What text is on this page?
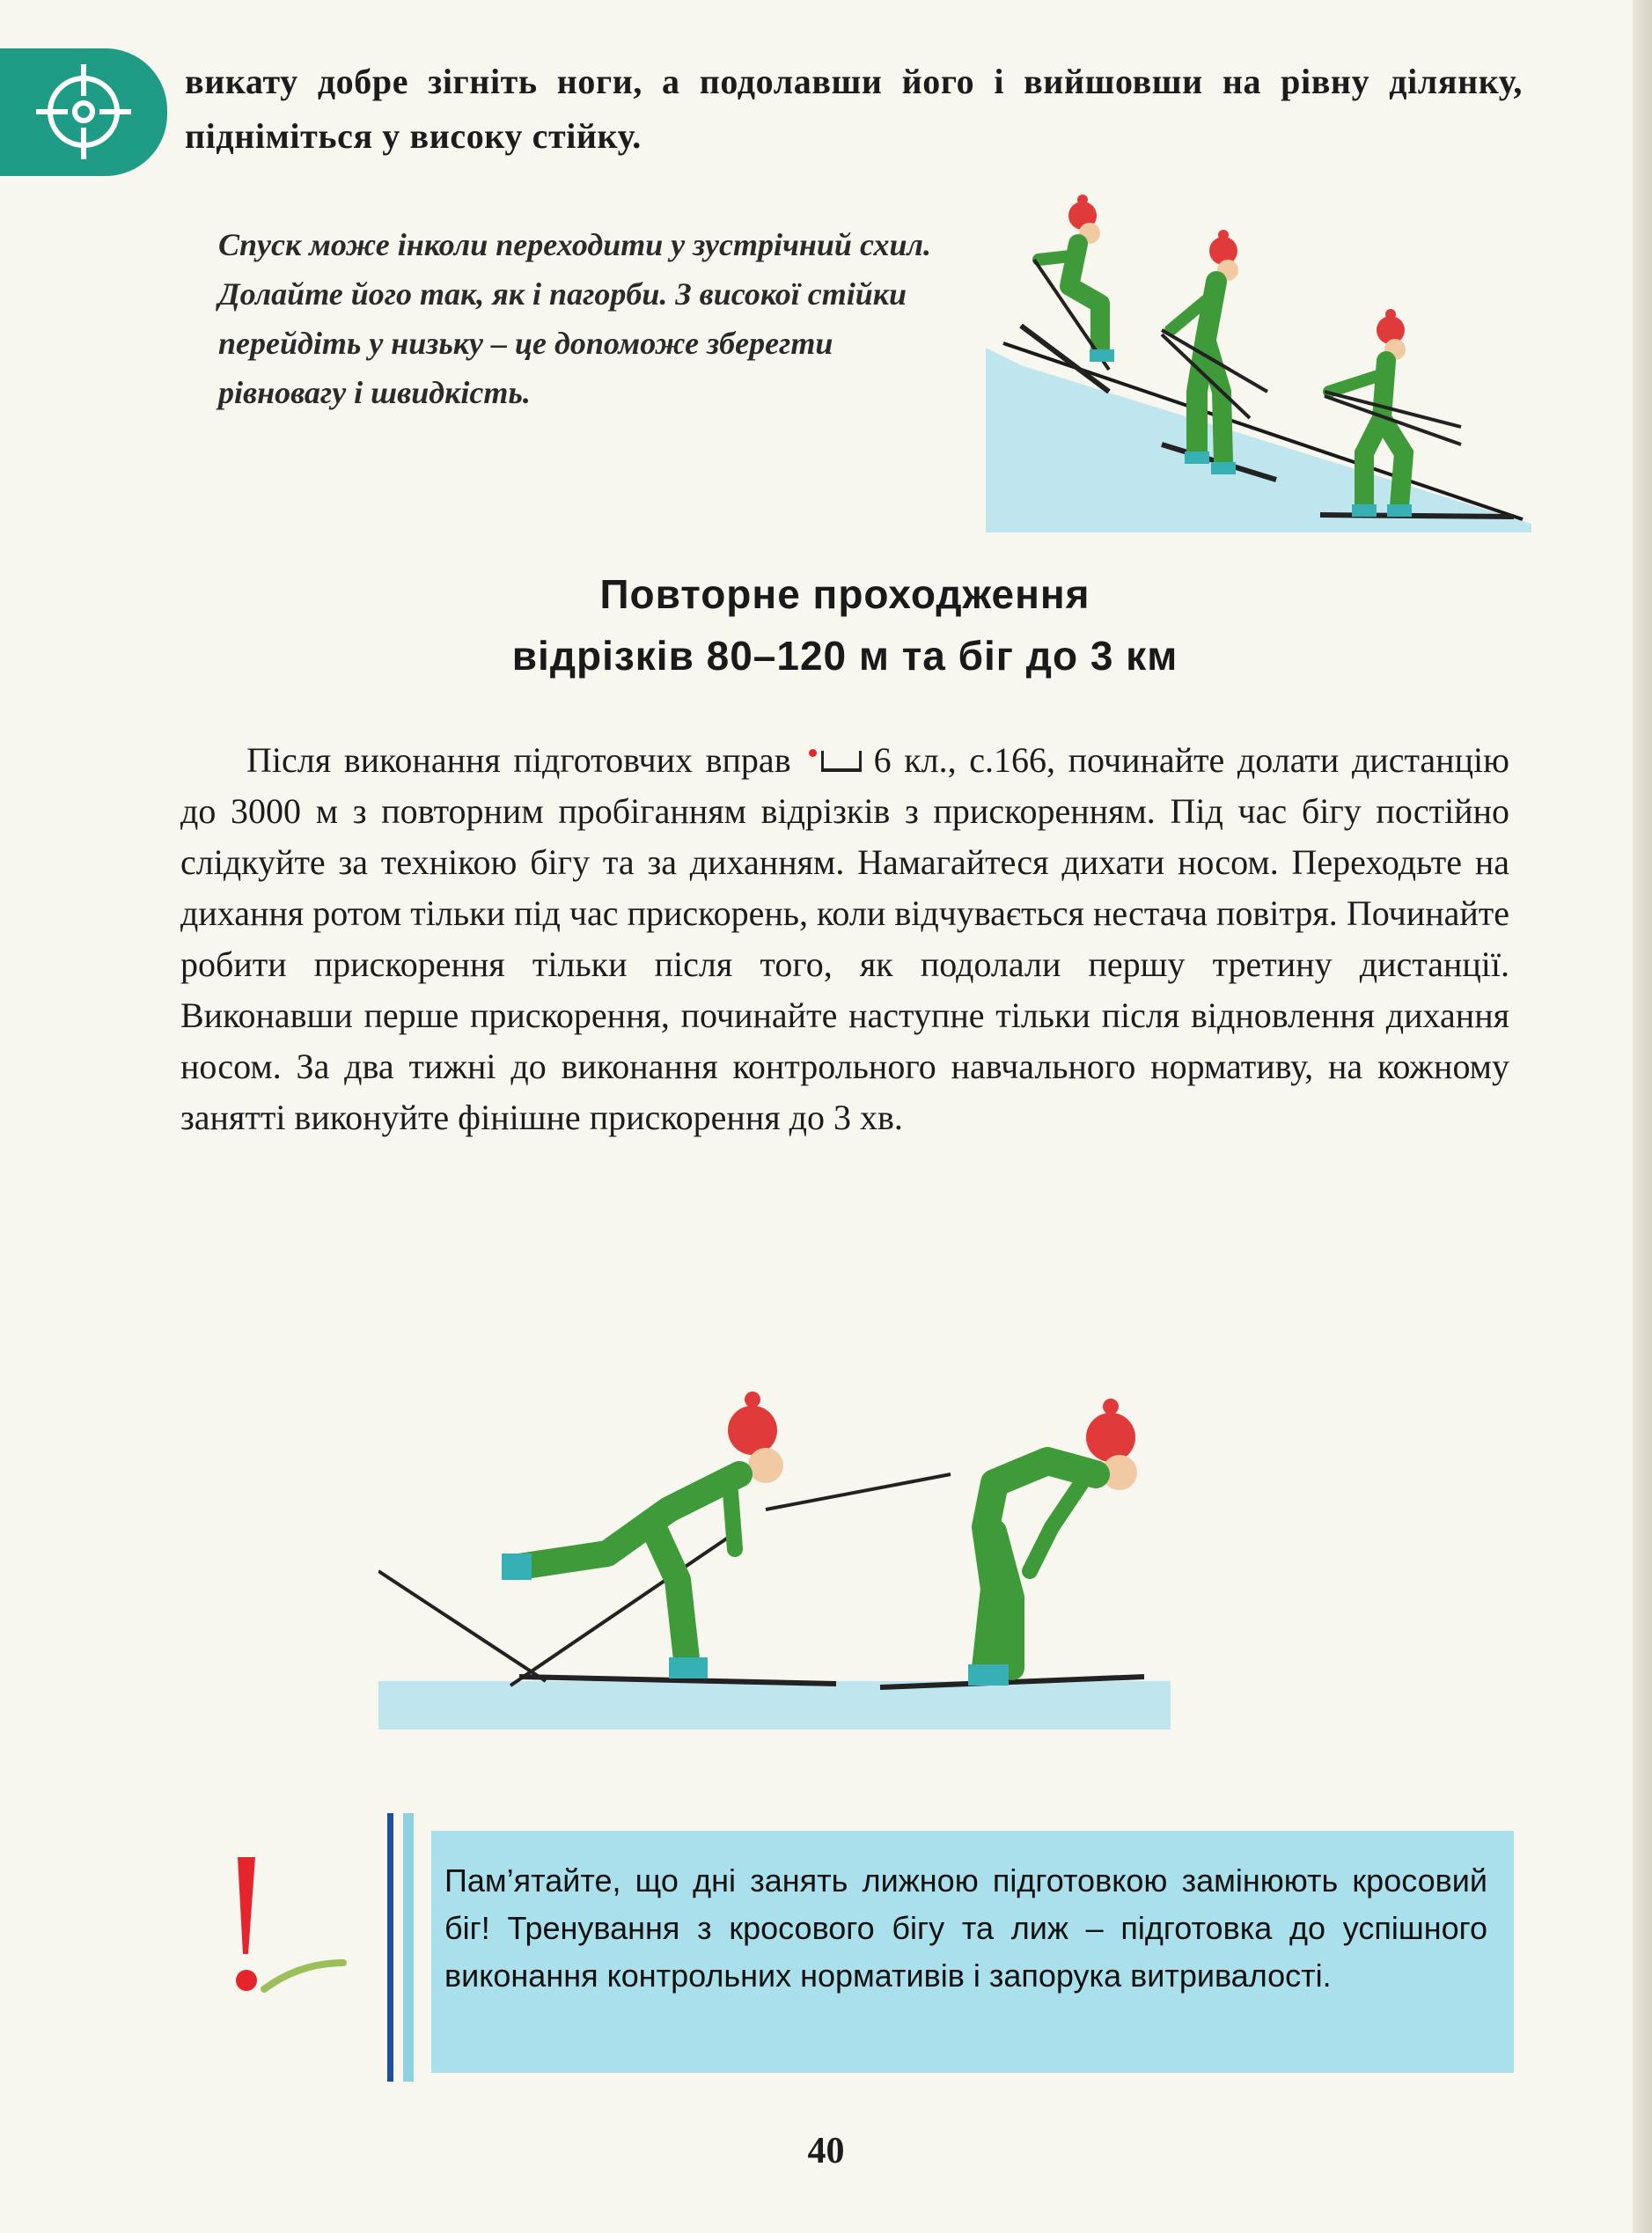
викату добре зігніть ноги, а подолавши його і вийшовши на рівну ділянку, підніміться у високу стійку.
Спуск може інколи переходити у зустрічний схил. Долайте його так, як і пагорби. З високої стійки перейдіть у низьку – це допоможе зберегти рівновагу і швидкість.
Повторне проходження
відрізків 80–120 м та біг до 3 км

Після виконання підготовчих вправ 6 кл., с.166, починайте долати дистанцію до 3000 м з повторним пробіганням відрізків з прискоренням. Під час бігу постійно слідкуйте за технікою бігу та за диханням. Намагайтеся дихати носом. Переходьте на дихання ротом тільки під час прискорень, коли відчувається нестача повітря. Починайте робити прискорення тільки після того, як подолали першу третину дистанції. Виконавши перше прискорення, починайте наступне тільки після відновлення дихання носом. За два тижні до виконання контрольного навчального нормативу, на кожному занятті виконуйте фінішне прискорення до 3 хв.

Пам’ятайте, що дні занять лижною підготовкою замінюють кросовий біг! Тренування з кросового бігу та лиж – підготовка до успішного виконання контрольних нормативів і запорука витривалості.
40
